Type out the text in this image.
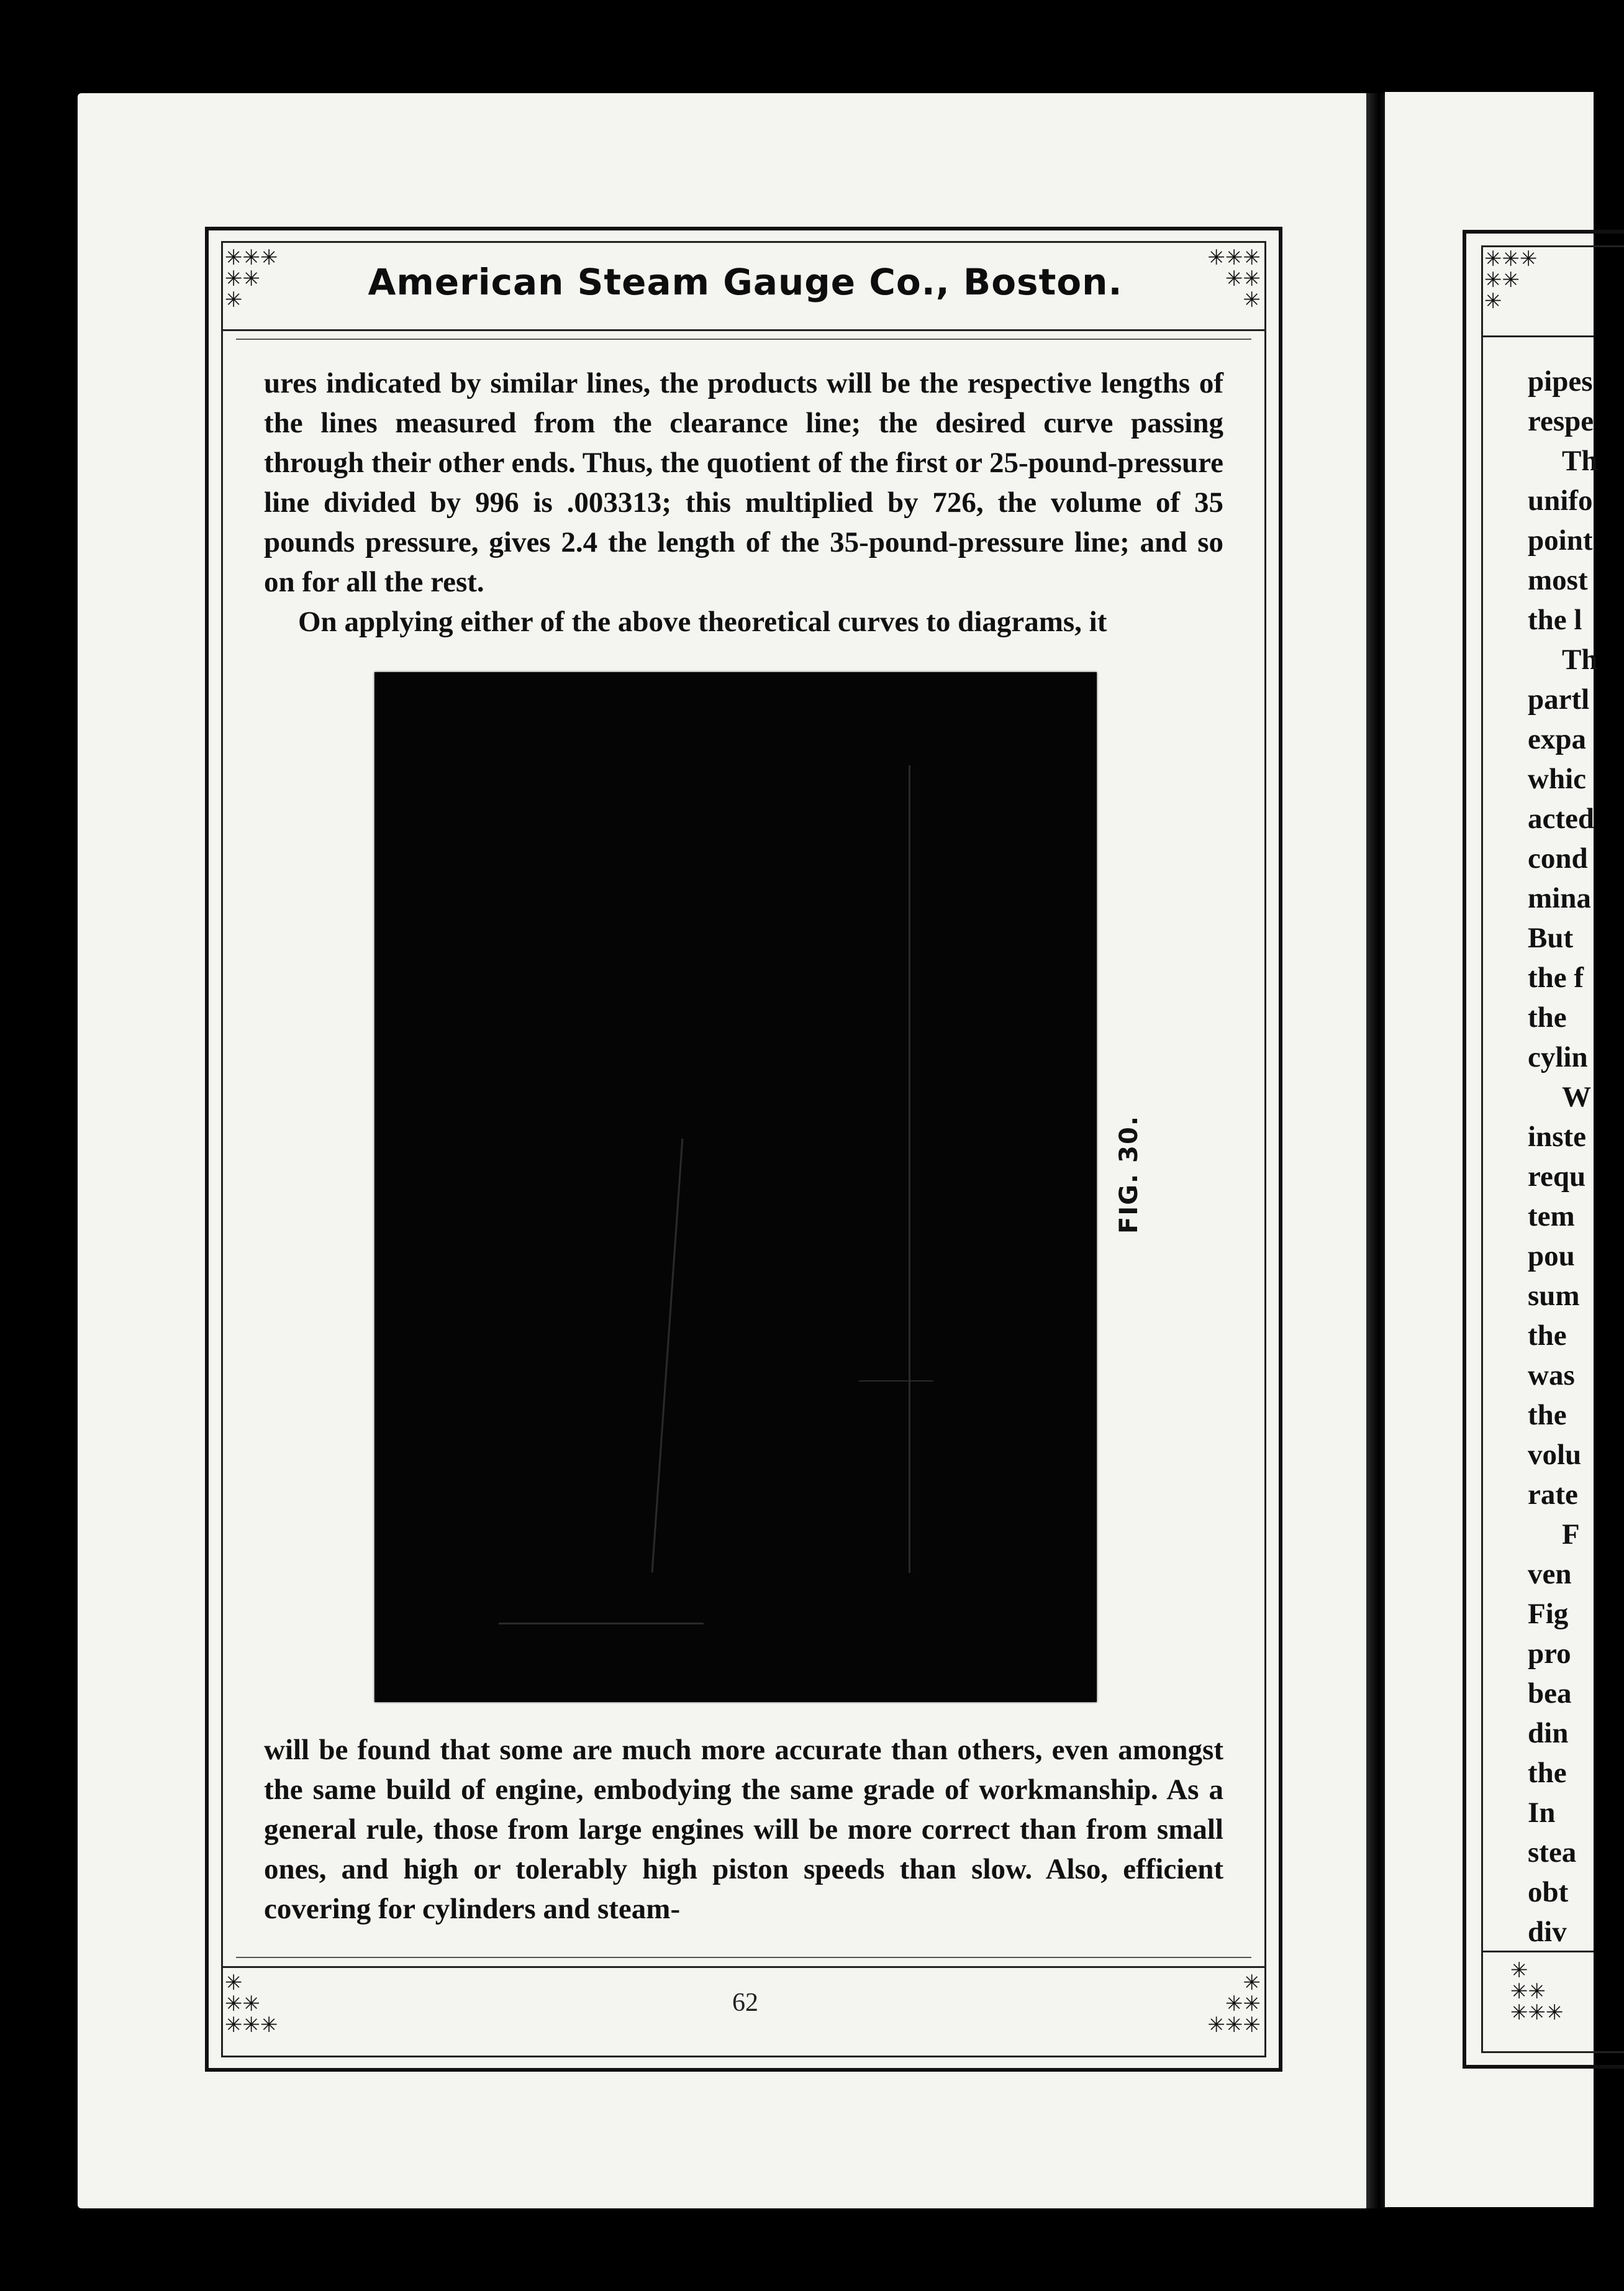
✳✳✳
✳✳
✳
✳✳✳
✳✳
✳
✳
✳✳
✳✳✳
✳
✳✳
✳✳✳
American Steam Gauge Co., Boston.

ures indicated by similar lines, the products will be the respective lengths of the lines measured from the clearance line; the desired curve passing through their other ends. Thus, the quotient of the first or 25-pound-pressure line divided by 996 is .003313; this multiplied by 726, the volume of 35 pounds pressure, gives 2.4 the length of the 35-pound-pressure line; and so on for all the rest.

On applying either of the above theoretical curves to diagrams, it

FIG. 30.

will be found that some are much more accurate than others, even amongst the same build of engine, embodying the same grade of workmanship. As a general rule, those from large engines will be more correct than from small ones, and high or tolerably high piston speeds than slow. Also, efficient covering for cylinders and steam-

62
✳✳✳
✳✳
✳
✳
✳✳
✳✳✳
pipes
respe
Th
unifo
point
most
the l
Th
partl
expa
whic
acted
cond
mina
But
the f
the
cylin
W
inste
requ
tem
pou
sum
the
was
the
volu
rate
F
ven
Fig
pro
bea
din
the
In
stea
obt
div
